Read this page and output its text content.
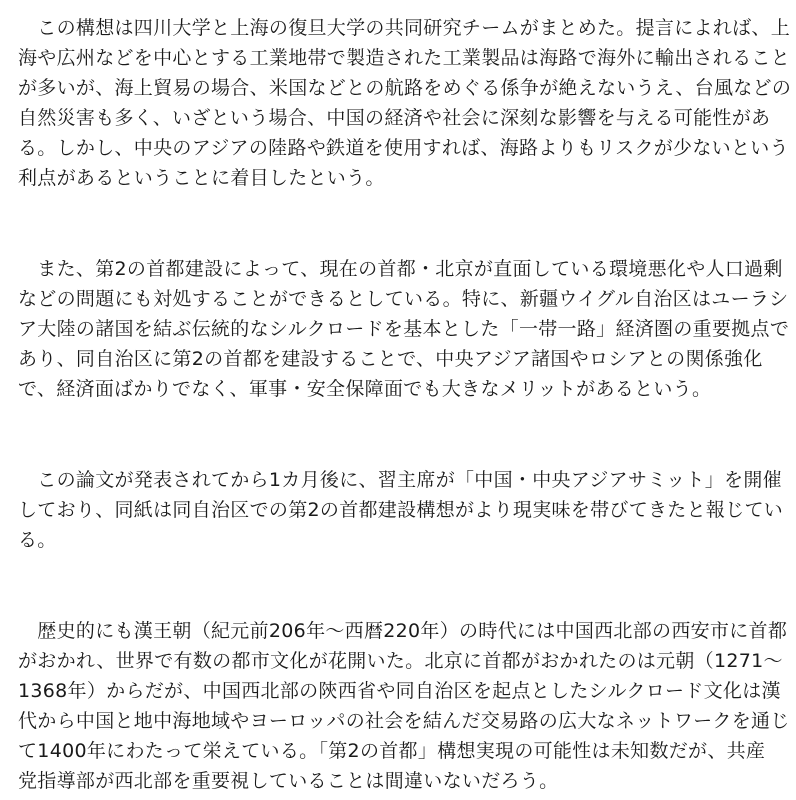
　この構想は四川大学と上海の復旦大学の共同研究チームがまとめた。提言によれば、上
海や広州などを中心とする工業地帯で製造された工業製品は海路で海外に輸出されること
が多いが、海上貿易の場合、米国などとの航路をめぐる係争が絶えないうえ、台風などの
自然災害も多く、いざという場合、中国の経済や社会に深刻な影響を与える可能性があ
る。しかし、中央のアジアの陸路や鉄道を使用すれば、海路よりもリスクが少ないという
利点があるということに着目したという。

　また、第2の首都建設によって、現在の首都・北京が直面している環境悪化や人口過剰
などの問題にも対処することができるとしている。特に、新疆ウイグル自治区はユーラシ
ア大陸の諸国を結ぶ伝統的なシルクロードを基本とした「一帯一路」経済圏の重要拠点で
あり、同自治区に第2の首都を建設することで、中央アジア諸国やロシアとの関係強化
で、経済面ばかりでなく、軍事・安全保障面でも大きなメリットがあるという。

　この論文が発表されてから1カ月後に、習主席が「中国・中央アジアサミット」を開催
しており、同紙は同自治区での第2の首都建設構想がより現実味を帯びてきたと報じてい
る。

　歴史的にも漢王朝（紀元前206年〜西暦220年）の時代には中国西北部の西安市に首都
がおかれ、世界で有数の都市文化が花開いた。北京に首都がおかれたのは元朝（1271〜
1368年）からだが、中国西北部の陝西省や同自治区を起点としたシルクロード文化は漢
代から中国と地中海地域やヨーロッパの社会を結んだ交易路の広大なネットワークを通じ
て1400年にわたって栄えている。「第2の首都」構想実現の可能性は未知数だが、共産
党指導部が西北部を重要視していることは間違いないだろう。
